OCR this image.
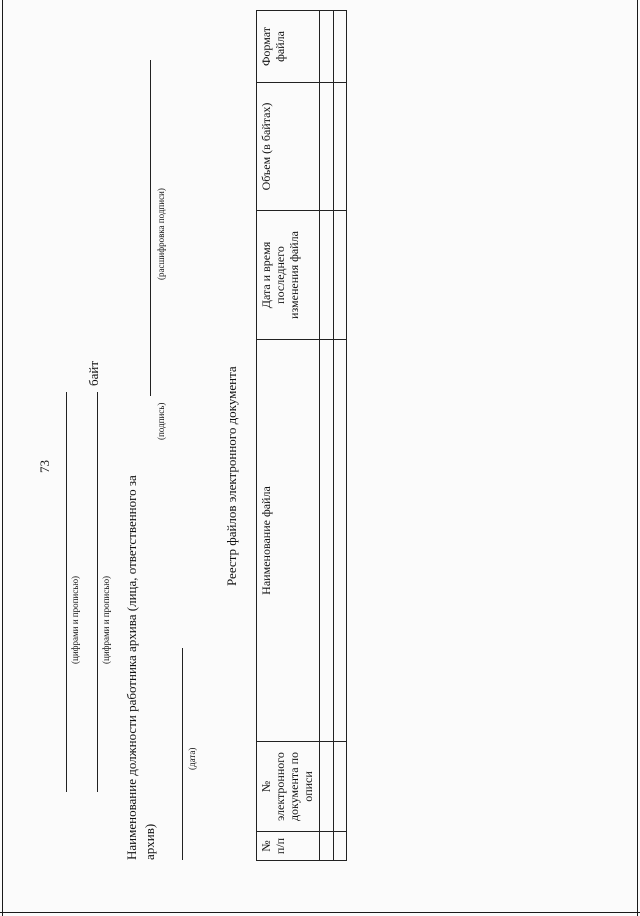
73
(цифрами и прописью) (цифрами и прописью)
байт
Наименование должности работника архива (лица, ответственного за архив)
(подпись)
(расшифровка подписи)
(дата)
Реестр файлов электронного документа
№ п/п	№ электронного документа по описи	Наименование файла	Дата и время последнего изменения файла	Объем (в байтах)	Формат файла
